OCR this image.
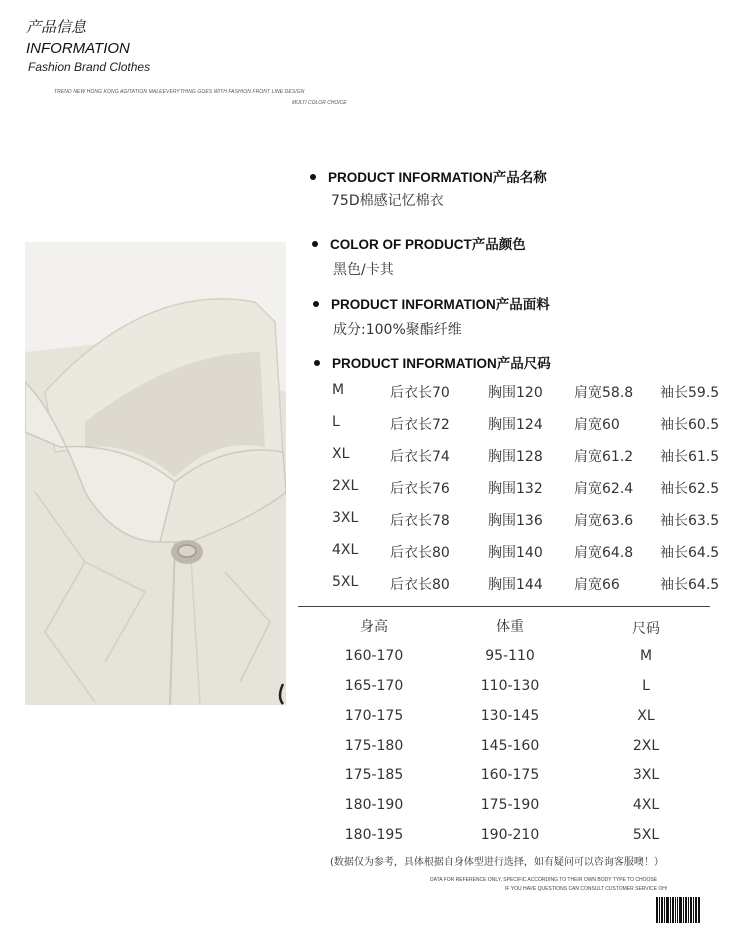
产品信息
INFORMATION
Fashion Brand Clothes
TREND NEW HONG KONG AGITATION MALEEVERYTHING GOES WITH FASHION FRONT LINE DESIGN
MULTI COLOR CHOICE
PRODUCT INFORMATION产品名称
75D棉感记忆棉衣
COLOR OF PRODUCT产品颜色
黑色/卡其
PRODUCT INFORMATION产品面料
成分:100%聚酯纤维
PRODUCT INFORMATION产品尺码
M	后衣长70	胸围120 肩宽58.8 袖长59.5
L	后衣长72	胸围124 肩宽60	袖长60.5
XL	后衣长74	胸围128 肩宽61.2 袖长61.5
2XL 后衣长76	胸围132 肩宽62.4 袖长62.5
3XL 后衣长78	胸围136 肩宽63.6 袖长63.5
4XL 后衣长80	胸围140 肩宽64.8 袖长64.5
5XL 后衣长80	胸围144 肩宽66	袖长64.5
身高	体重	尺码
160-170	95-110	M
165-170	110-130	L
170-175	130-145	XL
175-180	145-160	2XL
175-185	160-175	3XL
180-190	175-190	4XL
180-195	190-210	5XL
(数据仅为参考，具体根据自身体型进行选择，如有疑问可以咨询客服噢！）
DATA FOR REFERENCE ONLY, SPECIFIC ACCORDING TO THEIR OWN BODY TYPE TO CHOOSE
IF YOU HAVE QUESTIONS CAN CONSULT CUSTOMER SERVICE OH!
